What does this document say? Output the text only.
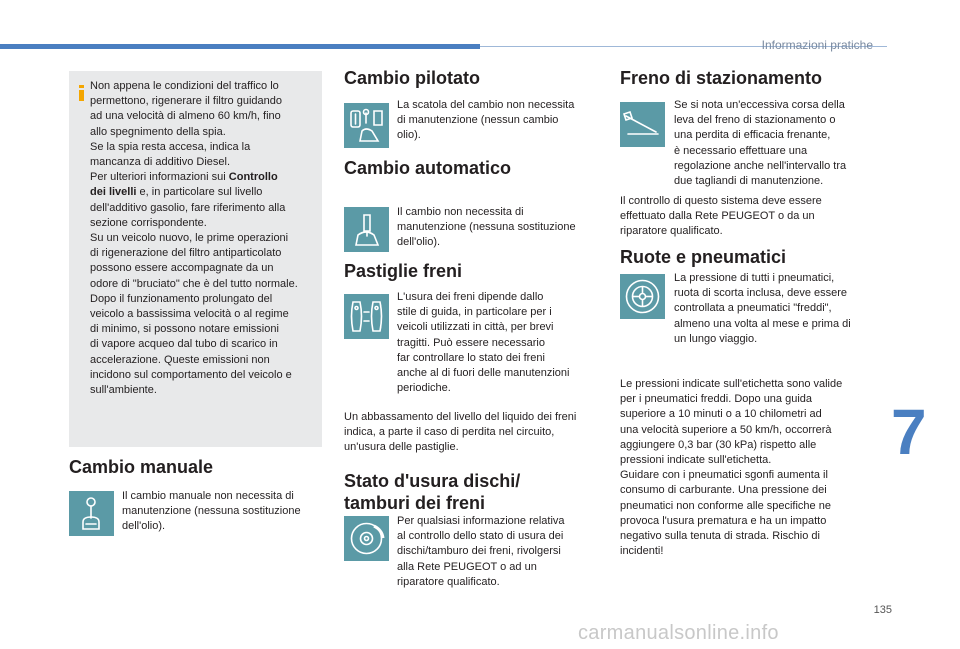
Informazioni pratiche

Non appena le condizioni del traffico lo

permettono, rigenerare il filtro guidando

ad una velocità di almeno 60 km/h, fino

allo spegnimento della spia.

Se la spia resta accesa, indica la

mancanza di additivo Diesel.

Per ulteriori informazioni sui Controllo

dei livelli e, in particolare sul livello

dell'additivo gasolio, fare riferimento alla

sezione corrispondente.

Su un veicolo nuovo, le prime operazioni

di rigenerazione del filtro antiparticolato

possono essere accompagnate da un

odore di "bruciato" che è del tutto normale.

Dopo il funzionamento prolungato del

veicolo a bassissima velocità o al regime

di minimo, si possono notare emissioni

di vapore acqueo dal tubo di scarico in

accelerazione. Queste emissioni non

incidono sul comportamento del veicolo e

sull'ambiente.

Cambio manuale

Il cambio manuale non necessita di

manutenzione (nessuna sostituzione

dell'olio).

Cambio pilotato

La scatola del cambio non necessita

di manutenzione (nessun cambio

olio).

Cambio automatico

Il cambio non necessita di

manutenzione (nessuna sostituzione

dell'olio).

Pastiglie freni

L'usura dei freni dipende dallo

stile di guida, in particolare per i

veicoli utilizzati in città, per brevi

tragitti. Può essere necessario

far controllare lo stato dei freni

anche al di fuori delle manutenzioni

periodiche.

Un abbassamento del livello del liquido dei freni

indica, a parte il caso di perdita nel circuito,

un'usura delle pastiglie.

Stato d'usura dischi/
tamburi dei freni

Per qualsiasi informazione relativa

al controllo dello stato di usura dei

dischi/tamburo dei freni, rivolgersi

alla Rete PEUGEOT o ad un

riparatore qualificato.

Freno di stazionamento

Se si nota un'eccessiva corsa della

leva del freno di stazionamento o

una perdita di efficacia frenante,

è necessario effettuare una

regolazione anche nell'intervallo tra

due tagliandi di manutenzione.

Il controllo di questo sistema deve essere

effettuato dalla Rete PEUGEOT o da un

riparatore qualificato.

Ruote e pneumatici

La pressione di tutti i pneumatici,

ruota di scorta inclusa, deve essere

controllata a pneumatici "freddi",

almeno una volta al mese e prima di

un lungo viaggio.

Le pressioni indicate sull'etichetta sono valide

per i pneumatici freddi. Dopo una guida

superiore a 10 minuti o a 10 chilometri ad

una velocità superiore a 50 km/h, occorrerà

aggiungere 0,3 bar (30 kPa) rispetto alle

pressioni indicate sull'etichetta.

Guidare con i pneumatici sgonfi aumenta il

consumo di carburante. Una pressione dei

pneumatici non conforme alle specifiche ne

provoca l'usura prematura e ha un impatto

negativo sulla tenuta di strada. Rischio di

incidenti!

7
135
carmanualsonline.info
